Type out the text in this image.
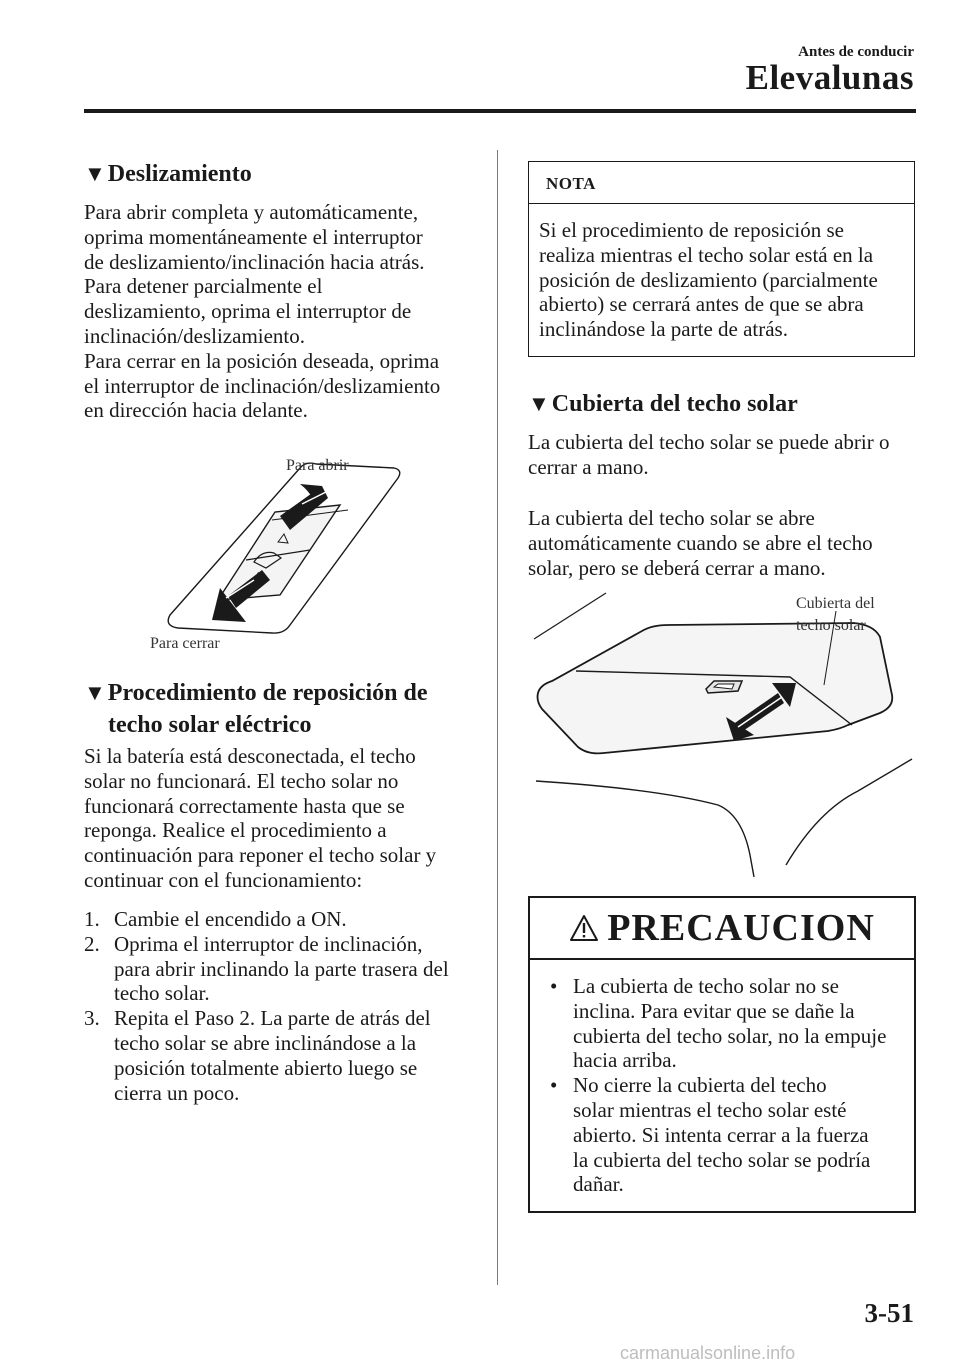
Antes de conducir
Elevalunas
▼Deslizamiento

Para abrir completa y automáticamente,

oprima momentáneamente el interruptor

de deslizamiento/inclinación hacia atrás.

Para detener parcialmente el

deslizamiento, oprima el interruptor de

inclinación/deslizamiento.

Para cerrar en la posición deseada, oprima

el interruptor de inclinación/deslizamiento

en dirección hacia delante.

Para abrir
Para cerrar
▼Procedimiento de reposición de
techo solar eléctrico

Si la batería está desconectada, el techo

solar no funcionará. El techo solar no

funcionará correctamente hasta que se

reponga. Realice el procedimiento a

continuación para reponer el techo solar y

continuar con el funcionamiento:

1. Cambie el encendido a ON.
2. Oprima el interruptor de inclinación,
para abrir inclinando la parte trasera del
techo solar.
3. Repita el Paso 2. La parte de atrás del
techo solar se abre inclinándose a la
posición totalmente abierto luego se
cierra un poco.
NOTA
Si el procedimiento de reposición se
realiza mientras el techo solar está en la
posición de deslizamiento (parcialmente
abierto) se cerrará antes de que se abra
inclinándose la parte de atrás.
▼Cubierta del techo solar

La cubierta del techo solar se puede abrir o

cerrar a mano.

La cubierta del techo solar se abre

automáticamente cuando se abre el techo

solar, pero se deberá cerrar a mano.

Cubierta del
techo solar
PRECAUCION
• La cubierta de techo solar no se
inclina. Para evitar que se dañe la
cubierta del techo solar, no la empuje
hacia arriba.
• No cierre la cubierta del techo
solar mientras el techo solar esté
abierto. Si intenta cerrar a la fuerza
la cubierta del techo solar se podría
dañar.
3-51
carmanualsonline.info
